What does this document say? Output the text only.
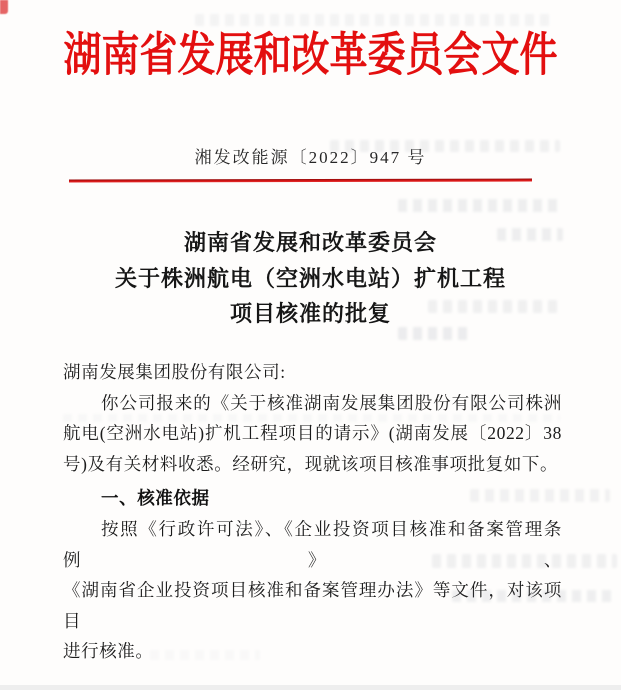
湖南省发展和改革委员会文件
湘发改能源〔2022〕947 号
湖南省发展和改革委员会
关于株洲航电（空洲水电站）扩机工程
项目核准的批复
湖南发展集团股份有限公司:
你公司报来的《关于核准湖南发展集团股份有限公司株洲
航电(空洲水电站)扩机工程项目的请示》(湖南发展〔2022〕38
号)及有关材料收悉。经研究，现就该项目核准事项批复如下。
一、核准依据
按照《行政许可法》、《企业投资项目核准和备案管理条例》、
《湖南省企业投资项目核准和备案管理办法》等文件，对该项目
进行核准。
